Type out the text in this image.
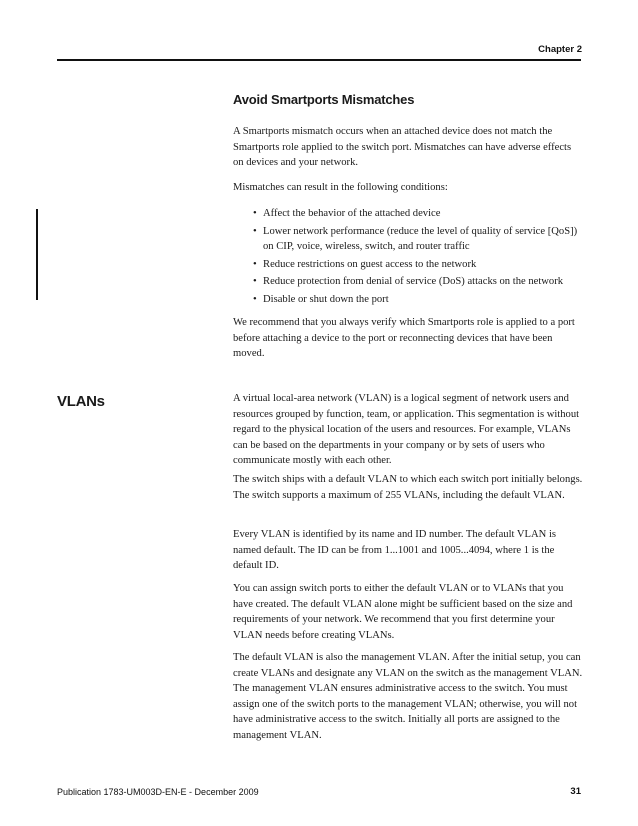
Chapter 2
Avoid Smartports Mismatches

A Smartports mismatch occurs when an attached device does not match the Smartports role applied to the switch port. Mismatches can have adverse effects on devices and your network.

Mismatches can result in the following conditions:

• Affect the behavior of the attached device
• Lower network performance (reduce the level of quality of service [QoS]) on CIP, voice, wireless, switch, and router traffic
• Reduce restrictions on guest access to the network
• Reduce protection from denial of service (DoS) attacks on the network
• Disable or shut down the port

We recommend that you always verify which Smartports role is applied to a port before attaching a device to the port or reconnecting devices that have been moved.

VLANs	A virtual local-area network (VLAN) is a logical segment of network users and resources grouped by function, team, or application. This segmentation is without regard to the physical location of the users and resources. For example, VLANs can be based on the departments in your company or by sets of users who communicate mostly with each other.

The switch ships with a default VLAN to which each switch port initially belongs. The switch supports a maximum of 255 VLANs, including the default VLAN.

Every VLAN is identified by its name and ID number. The default VLAN is named default. The ID can be from 1...1001 and 1005...4094, where 1 is the default ID.

You can assign switch ports to either the default VLAN or to VLANs that you have created. The default VLAN alone might be sufficient based on the size and requirements of your network. We recommend that you first determine your VLAN needs before creating VLANs.

The default VLAN is also the management VLAN. After the initial setup, you can create VLANs and designate any VLAN on the switch as the management VLAN. The management VLAN ensures administrative access to the switch. You must assign one of the switch ports to the management VLAN; otherwise, you will not have administrative access to the switch. Initially all ports are assigned to the management VLAN.

Publication 1783-UM003D-EN-E - December 2009	31
